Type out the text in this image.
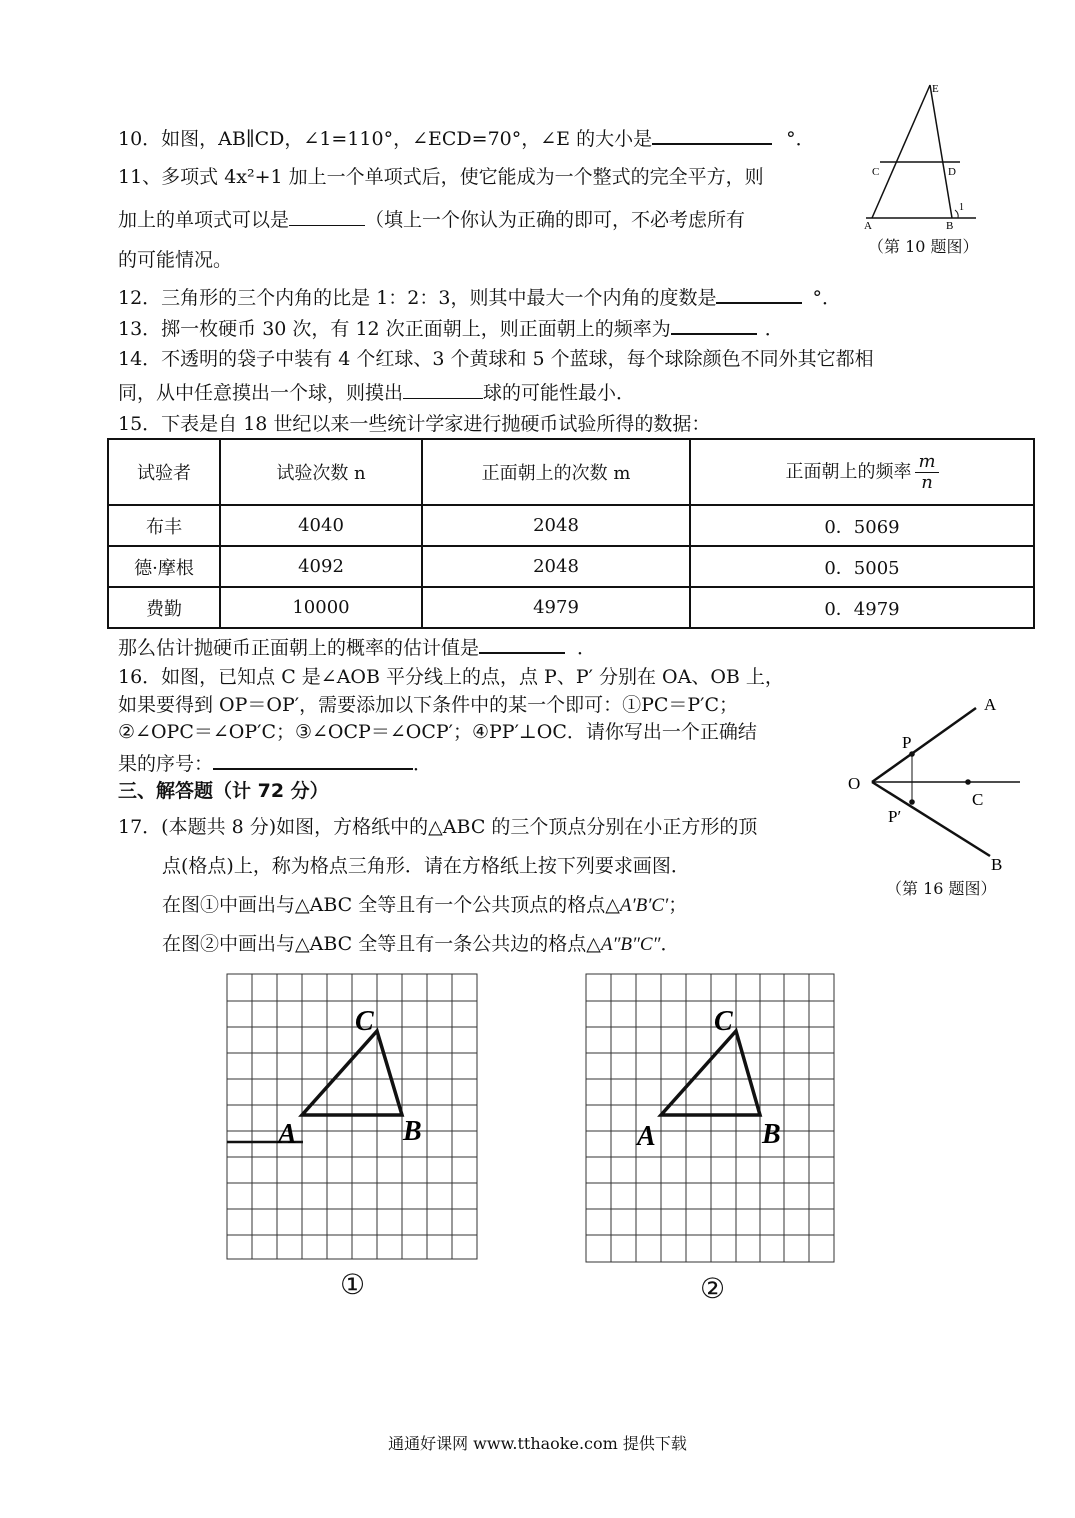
10．如图，AB∥CD，∠1=110°，∠ECD=70°，∠E 的大小是	°．
11、多项式 4x²+1 加上一个单项式后，使它能成为一个整式的完全平方，则
加上的单项式可以是	（填上一个你认为正确的即可，不必考虑所有
的可能情况。
12．三角形的三个内角的比是 1：2：3，则其中最大一个内角的度数是	°．
13．掷一枚硬币 30 次，有 12 次正面朝上，则正面朝上的频率为	．
14．不透明的袋子中装有 4 个红球、3 个黄球和 5 个蓝球，每个球除颜色不同外其它都相
同，从中任意摸出一个球，则摸出	球的可能性最小．
15．下表是自 18 世纪以来一些统计学家进行抛硬币试验所得的数据：
试验者	试验次数 n	正面朝上的次数 m	正面朝上的频率 $\frac{m}{n}$

布丰	4040	2048	0．5069
德·摩根	4092	2048	0．5005
费勤	10000	4979	0．4979
那么估计抛硬币正面朝上的概率的估计值是	．
16．如图，已知点 C 是∠AOB 平分线上的点，点 P、P′ 分别在 OA、OB 上，
如果要得到 OP＝OP′，需要添加以下条件中的某一个即可：①PC＝P′C；
②∠OPC＝∠OP′C；③∠OCP＝∠OCP′；④PP′⊥OC．请你写出一个正确结
果的序号：	．
三、解答题（计 72 分）
17．(本题共 8 分)如图，方格纸中的△ABC 的三个顶点分别在小正方形的顶
点(格点)上，称为格点三角形．请在方格纸上按下列要求画图．
在图①中画出与△ABC 全等且有一个公共顶点的格点△A′B′C′；
在图②中画出与△ABC 全等且有一条公共边的格点△A″B″C″．
E
C	D
A	B
1
（第 10 题图）
A
P
O
C
P′
B
（第 16 题图）
C
A	B
①
C
A	B
②
通通好课网 www.tthaoke.com 提供下载
